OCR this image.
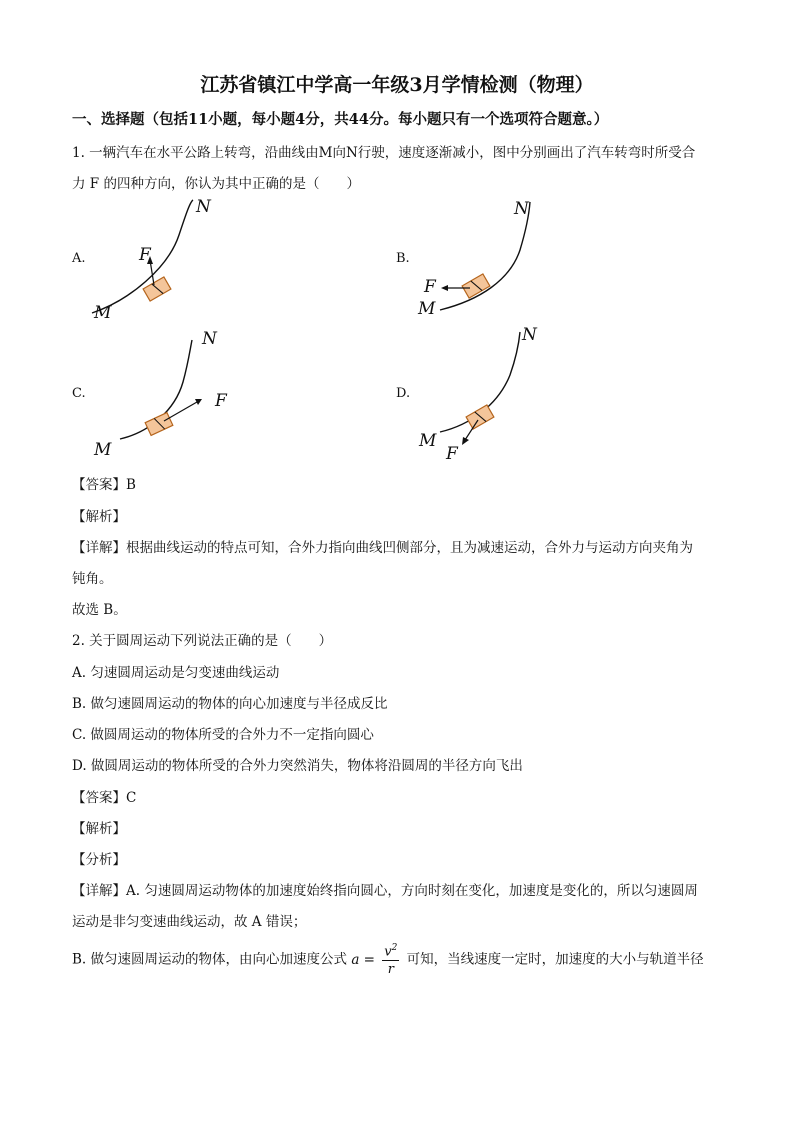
江苏省镇江中学高一年级3月学情检测（物理）
一、选择题（包括11小题，每小题4分，共44分。每小题只有一个选项符合题意。）
1. 一辆汽车在水平公路上转弯，沿曲线由M向N行驶，速度逐渐减小，图中分别画出了汽车转弯时所受合
力 F 的四种方向，你认为其中正确的是（　　）
A.	F
M
N
B.
F
M
N
C.	F
M
N
D.
F
M
N
【答案】B
【解析】
【详解】根据曲线运动的特点可知，合外力指向曲线凹侧部分，且为减速运动，合外力与运动方向夹角为
钝角。
故选 B。
2. 关于圆周运动下列说法正确的是（　　）
A. 匀速圆周运动是匀变速曲线运动
B. 做匀速圆周运动的物体的向心加速度与半径成反比
C. 做圆周运动的物体所受的合外力不一定指向圆心
D. 做圆周运动的物体所受的合外力突然消失，物体将沿圆周的半径方向飞出
【答案】C
【解析】
【分析】
【详解】A. 匀速圆周运动物体的加速度始终指向圆心，方向时刻在变化，加速度是变化的，所以匀速圆周
运动是非匀变速曲线运动，故 A 错误；
B. 做匀速圆周运动的物体，由向心加速度公式 $a = \frac{v^2}{r}$ 可知，当线速度一定时，加速度的大小与轨道半径
